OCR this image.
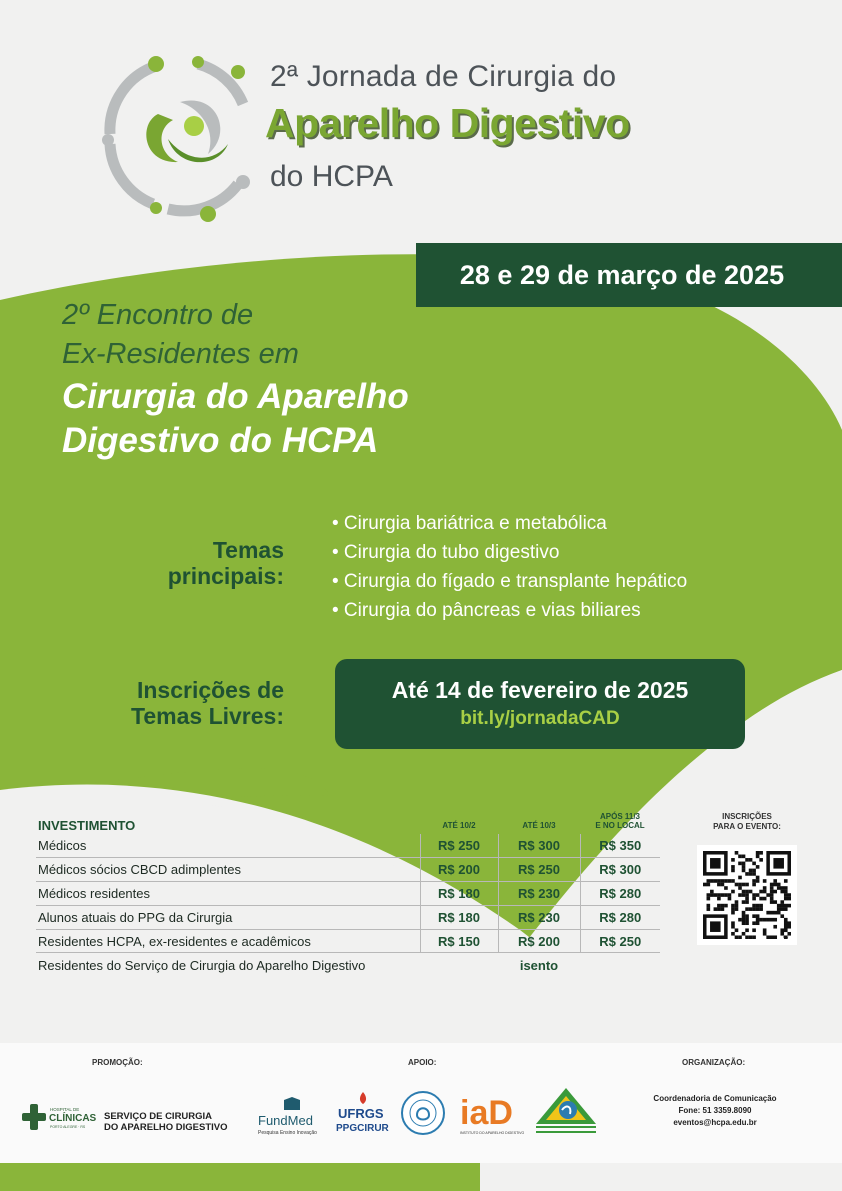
2ª Jornada de Cirurgia do
Aparelho Digestivo
do HCPA
28 e 29 de março de 2025
2º Encontro de
Ex-Residentes em
Cirurgia do Aparelho
Digestivo do HCPA
Temas
principais:
• Cirurgia bariátrica e metabólica
• Cirurgia do tubo digestivo
• Cirurgia do fígado e transplante hepático
• Cirurgia do pâncreas e vias biliares
Inscrições de
Temas Livres:
Até 14 de fevereiro de 2025
bit.ly/jornadaCAD
INVESTIMENTO	ATÉ 10/2	ATÉ 10/3	APÓS 11/3
E NO LOCAL
Médicos	R$ 250	R$ 300	R$ 350
Médicos sócios CBCD adimplentes	R$ 200	R$ 250	R$ 300
Médicos residentes	R$ 180	R$ 230	R$ 280
Alunos atuais do PPG da Cirurgia	R$ 180	R$ 230	R$ 280
Residentes HCPA, ex-residentes e acadêmicos	R$ 150	R$ 200	R$ 250
Residentes do Serviço de Cirurgia do Aparelho Digestivo		isento	
INSCRIÇÕES
PARA O EVENTO:
bitly
PROMOÇÃO:	APOIO:	ORGANIZAÇÃO:
HOSPITAL DE
CLÍNICAS
PORTO ALEGRE · RS
SERVIÇO DE CIRURGIA
DO APARELHO DIGESTIVO FundMed
Pesquisa Ensino Inovação
UFRGS
PPGCIRUR iaD
INSTITUTO DO APARELHO DIGESTIVO
Coordenadoria de Comunicação
Fone: 51 3359.8090
eventos@hcpa.edu.br
